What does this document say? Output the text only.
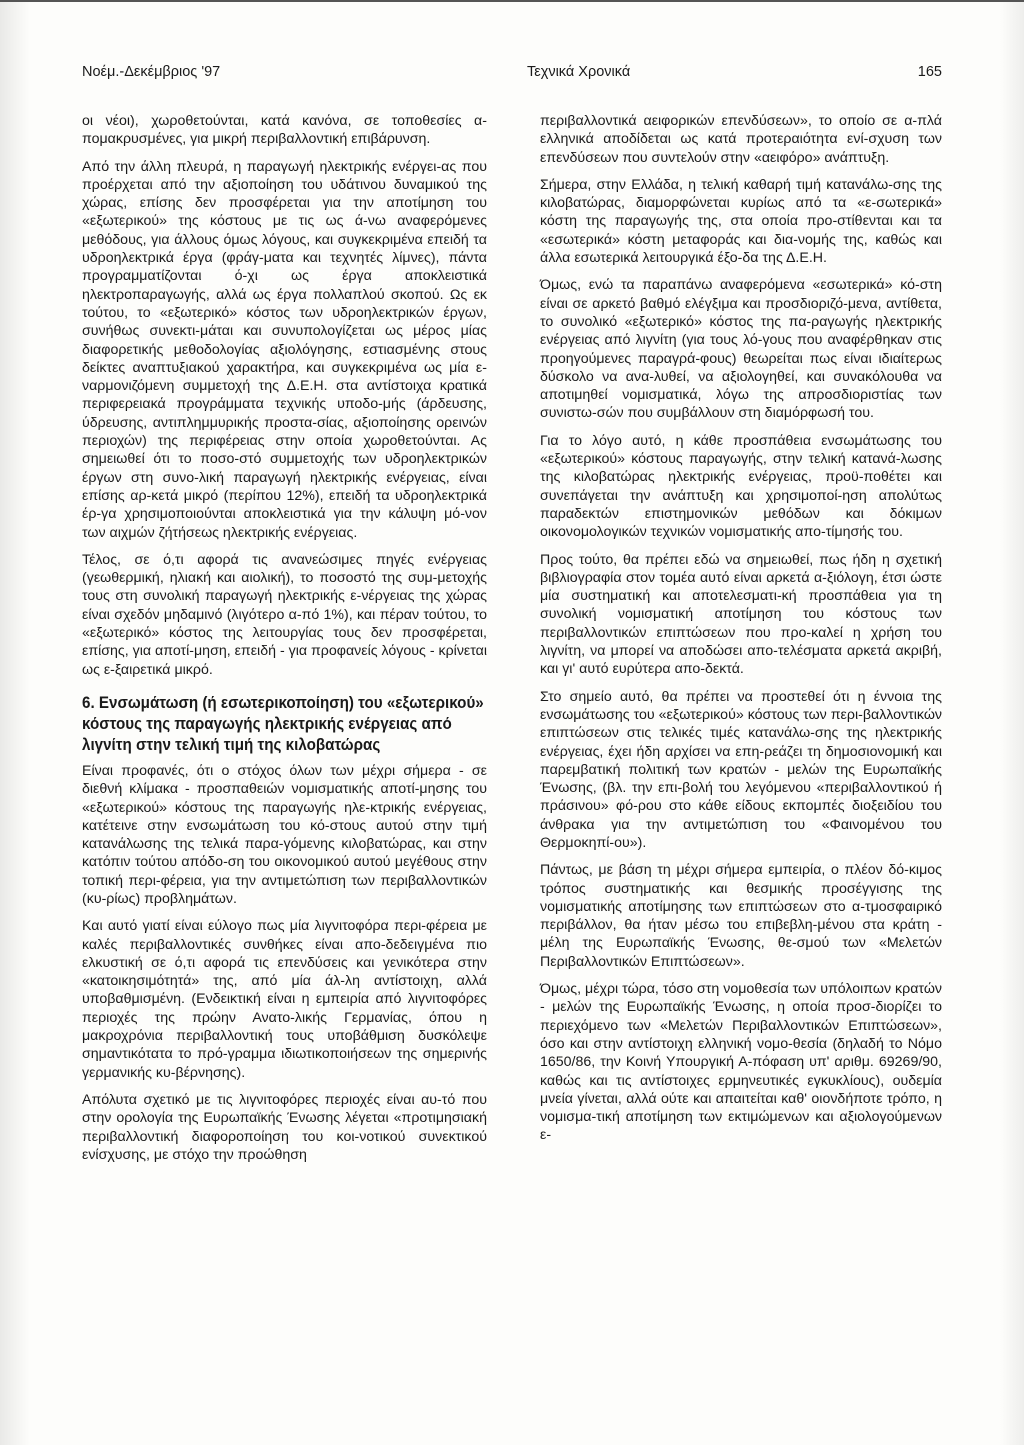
Νοέμ.-Δεκέμβριος '97	Τεχνικά Χρονικά	165

οι νέοι), χωροθετούνται, κατά κανόνα, σε τοποθεσίες α-πομακρυσμένες, για μικρή περιβαλλοντική επιβάρυνση.

Από την άλλη πλευρά, η παραγωγή ηλεκτρικής ενέργει-ας που προέρχεται από την αξιοποίηση του υδάτινου δυναμικού της χώρας, επίσης δεν προσφέρεται για την αποτίμηση του «εξωτερικού» της κόστους με τις ως ά-νω αναφερόμενες μεθόδους, για άλλους όμως λόγους, και συγκεκριμένα επειδή τα υδροηλεκτρικά έργα (φράγ-ματα και τεχνητές λίμνες), πάντα προγραμματίζονται ό-χι ως έργα αποκλειστικά ηλεκτροπαραγωγής, αλλά ως έργα πολλαπλού σκοπού. Ως εκ τούτου, το «εξωτερικό» κόστος των υδροηλεκτρικών έργων, συνήθως συνεκτι-μάται και συνυπολογίζεται ως μέρος μίας διαφορετικής μεθοδολογίας αξιολόγησης, εστιασμένης στους δείκτες αναπτυξιακού χαρακτήρα, και συγκεκριμένα ως μία ε-ναρμονιζόμενη συμμετοχή της Δ.Ε.Η. στα αντίστοιχα κρατικά περιφερειακά προγράμματα τεχνικής υποδο-μής (άρδευσης, ύδρευσης, αντιπλημμυρικής προστα-σίας, αξιοποίησης ορεινών περιοχών) της περιφέρειας στην οποία χωροθετούνται. Ας σημειωθεί ότι το ποσο-στό συμμετοχής των υδροηλεκτρικών έργων στη συνο-λική παραγωγή ηλεκτρικής ενέργειας, είναι επίσης αρ-κετά μικρό (περίπου 12%), επειδή τα υδροηλεκτρικά έρ-γα χρησιμοποιούνται αποκλειστικά για την κάλυψη μό-νον των αιχμών ζήτήσεως ηλεκτρικής ενέργειας.

Τέλος, σε ό,τι αφορά τις ανανεώσιμες πηγές ενέργειας (γεωθερμική, ηλιακή και αιολική), το ποσοστό της συμ-μετοχής τους στη συνολική παραγωγή ηλεκτρικής ε-νέργειας της χώρας είναι σχεδόν μηδαμινό (λιγότερο α-πό 1%), και πέραν τούτου, το «εξωτερικό» κόστος της λειτουργίας τους δεν προσφέρεται, επίσης, για αποτί-μηση, επειδή - για προφανείς λόγους - κρίνεται ως ε-ξαιρετικά μικρό.

6. Ενσωμάτωση (ή εσωτερικοποίηση) του «εξωτερικού» κόστους της παραγωγής ηλεκτρικής ενέργειας από λιγνίτη στην τελική τιμή της κιλοβατώρας

Είναι προφανές, ότι ο στόχος όλων των μέχρι σήμερα - σε διεθνή κλίμακα - προσπαθειών νομισματικής αποτί-μησης του «εξωτερικού» κόστους της παραγωγής ηλε-κτρικής ενέργειας, κατέτεινε στην ενσωμάτωση του κό-στους αυτού στην τιμή κατανάλωσης της τελικά παρα-γόμενης κιλοβατώρας, και στην κατόπιν τούτου απόδο-ση του οικονομικού αυτού μεγέθους στην τοπική περι-φέρεια, για την αντιμετώπιση των περιβαλλοντικών (κυ-ρίως) προβλημάτων.

Και αυτό γιατί είναι εύλογο πως μία λιγνιτοφόρα περι-φέρεια με καλές περιβαλλοντικές συνθήκες είναι απο-δεδειγμένα πιο ελκυστική σε ό,τι αφορά τις επενδύσεις και γενικότερα στην «κατοικησιμότητά» της, από μία άλ-λη αντίστοιχη, αλλά υποβαθμισμένη. (Ενδεικτική είναι η εμπειρία από λιγνιτοφόρες περιοχές της πρώην Ανατο-λικής Γερμανίας, όπου η μακροχρόνια περιβαλλοντική τους υποβάθμιση δυσκόλεψε σημαντικότατα το πρό-γραμμα ιδιωτικοποιήσεων της σημερινής γερμανικής κυ-βέρνησης).

Απόλυτα σχετικό με τις λιγνιτοφόρες περιοχές είναι αυ-τό που στην ορολογία της Ευρωπαϊκής Ένωσης λέγεται «προτιμησιακή περιβαλλοντική διαφοροποίηση του κοι-νοτικού συνεκτικού ενίσχυσης, με στόχο την προώθηση

περιβαλλοντικά αειφορικών επενδύσεων», το οποίο σε α-πλά ελληνικά αποδίδεται ως κατά προτεραιότητα ενί-σχυση των επενδύσεων που συντελούν στην «αειφόρο» ανάπτυξη.

Σήμερα, στην Ελλάδα, η τελική καθαρή τιμή κατανάλω-σης της κιλοβατώρας, διαμορφώνεται κυρίως από τα «ε-σωτερικά» κόστη της παραγωγής της, στα οποία προ-στίθενται και τα «εσωτερικά» κόστη μεταφοράς και δια-νομής της, καθώς και άλλα εσωτερικά λειτουργικά έξο-δα της Δ.Ε.Η.

Όμως, ενώ τα παραπάνω αναφερόμενα «εσωτερικά» κό-στη είναι σε αρκετό βαθμό ελέγξιμα και προσδιοριζό-μενα, αντίθετα, το συνολικό «εξωτερικό» κόστος της πα-ραγωγής ηλεκτρικής ενέργειας από λιγνίτη (για τους λό-γους που αναφέρθηκαν στις προηγούμενες παραγρά-φους) θεωρείται πως είναι ιδιαίτερως δύσκολο να ανα-λυθεί, να αξιολογηθεί, και συνακόλουθα να αποτιμηθεί νομισματικά, λόγω της απροσδιοριστίας των συνιστω-σών που συμβάλλουν στη διαμόρφωσή του.

Για το λόγο αυτό, η κάθε προσπάθεια ενσωμάτωσης του «εξωτερικού» κόστους παραγωγής, στην τελική κατανά-λωσης της κιλοβατώρας ηλεκτρικής ενέργειας, προϋ-ποθέτει και συνεπάγεται την ανάπτυξη και χρησιμοποί-ηση απολύτως παραδεκτών επιστημονικών μεθόδων και δόκιμων οικονομολογικών τεχνικών νομισματικής απο-τίμησής του.

Προς τούτο, θα πρέπει εδώ να σημειωθεί, πως ήδη η σχετική βιβλιογραφία στον τομέα αυτό είναι αρκετά α-ξιόλογη, έτσι ώστε μία συστηματική και αποτελεσματι-κή προσπάθεια για τη συνολική νομισματική αποτίμηση του κόστους των περιβαλλοντικών επιπτώσεων που προ-καλεί η χρήση του λιγνίτη, να μπορεί να αποδώσει απο-τελέσματα αρκετά ακριβή, και γι' αυτό ευρύτερα απο-δεκτά.

Στο σημείο αυτό, θα πρέπει να προστεθεί ότι η έννοια της ενσωμάτωσης του «εξωτερικού» κόστους των περι-βαλλοντικών επιπτώσεων στις τελικές τιμές κατανάλω-σης της ηλεκτρικής ενέργειας, έχει ήδη αρχίσει να επη-ρεάζει τη δημοσιονομική και παρεμβατική πολιτική των κρατών - μελών της Ευρωπαϊκής Ένωσης, (βλ. την επι-βολή του λεγόμενου «περιβαλλοντικού ή πράσινου» φό-ρου στο κάθε είδους εκπομπές διοξειδίου του άνθρακα για την αντιμετώπιση του «Φαινομένου του Θερμοκηπί-ου»).

Πάντως, με βάση τη μέχρι σήμερα εμπειρία, ο πλέον δό-κιμος τρόπος συστηματικής και θεσμικής προσέγγισης της νομισματικής αποτίμησης των επιπτώσεων στο α-τμοσφαιρικό περιβάλλον, θα ήταν μέσω του επιβεβλη-μένου στα κράτη - μέλη της Ευρωπαϊκής Ένωσης, θε-σμού των «Μελετών Περιβαλλοντικών Επιπτώσεων».

Όμως, μέχρι τώρα, τόσο στη νομοθεσία των υπόλοιπων κρατών - μελών της Ευρωπαϊκής Ένωσης, η οποία προσ-διορίζει το περιεχόμενο των «Μελετών Περιβαλλοντικών Επιπτώσεων», όσο και στην αντίστοιχη ελληνική νομο-θεσία (δηλαδή το Νόμο 1650/86, την Κοινή Υπουργική Α-πόφαση υπ' αριθμ. 69269/90, καθώς και τις αντίστοιχες ερμηνευτικές εγκυκλίους), ουδεμία μνεία γίνεται, αλλά ούτε και απαιτείται καθ' οιονδήποτε τρόπο, η νομισμα-τική αποτίμηση των εκτιμώμενων και αξιολογούμενων ε-
